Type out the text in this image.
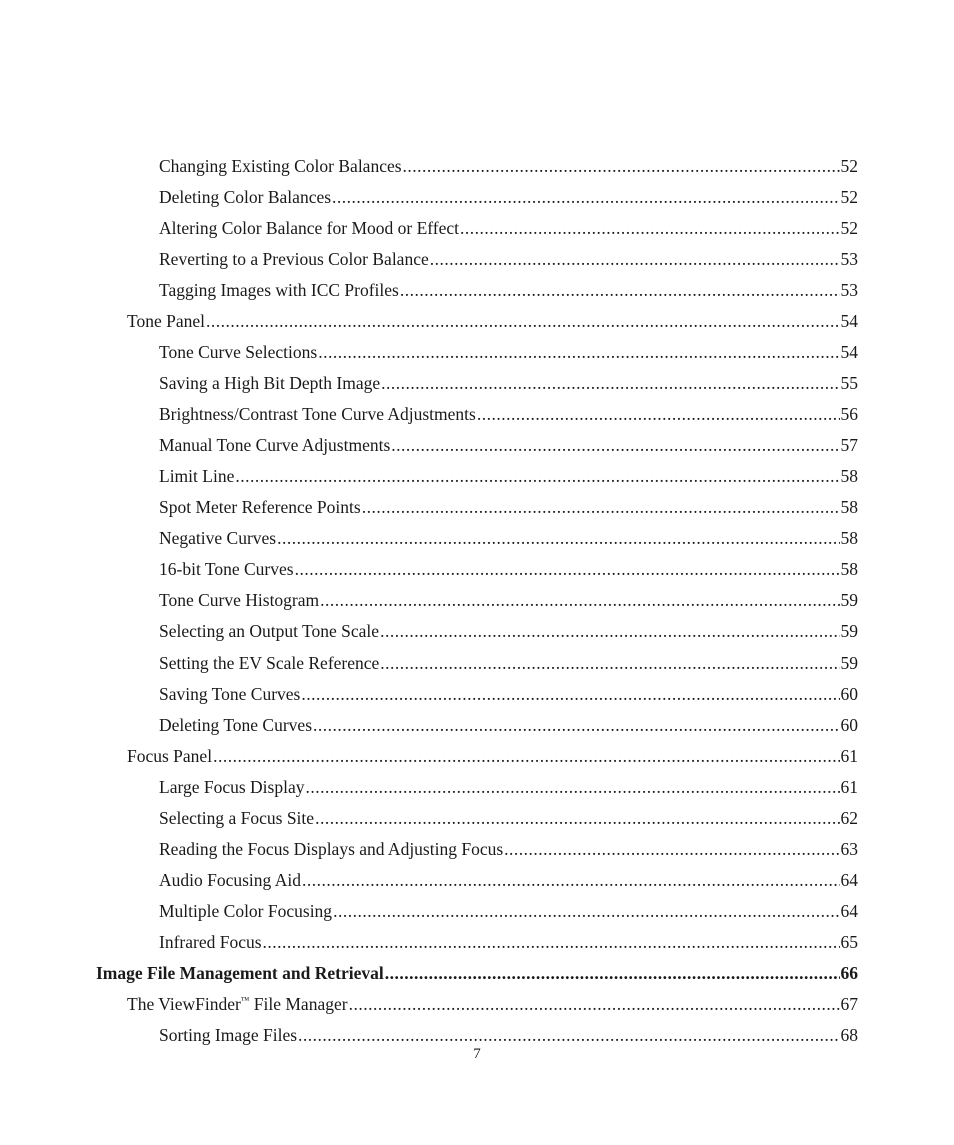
Changing Existing Color Balances .....	52
Deleting Color Balances .....	52
Altering Color Balance for Mood or Effect .....	52
Reverting to a Previous Color Balance .....	53
Tagging Images with ICC Profiles .....	53
Tone Panel .....	54
Tone Curve Selections .....	54
Saving a High Bit Depth Image .....	55
Brightness/Contrast Tone Curve Adjustments .....	56
Manual Tone Curve Adjustments .....	57
Limit Line .....	58
Spot Meter Reference Points .....	58
Negative Curves .....	58
16-bit Tone Curves .....	58
Tone Curve Histogram .....	59
Selecting an Output Tone Scale .....	59
Setting the EV Scale Reference .....	59
Saving Tone Curves .....	60
Deleting Tone Curves .....	60
Focus Panel .....	61
Large Focus Display .....	61
Selecting a Focus Site .....	62
Reading the Focus Displays and Adjusting Focus .....	63
Audio Focusing Aid .....	64
Multiple Color Focusing .....	64
Infrared Focus .....	65
Image File Management and Retrieval .....	66
The ViewFinder™ File Manager .....	67
Sorting Image Files .....	68
7
